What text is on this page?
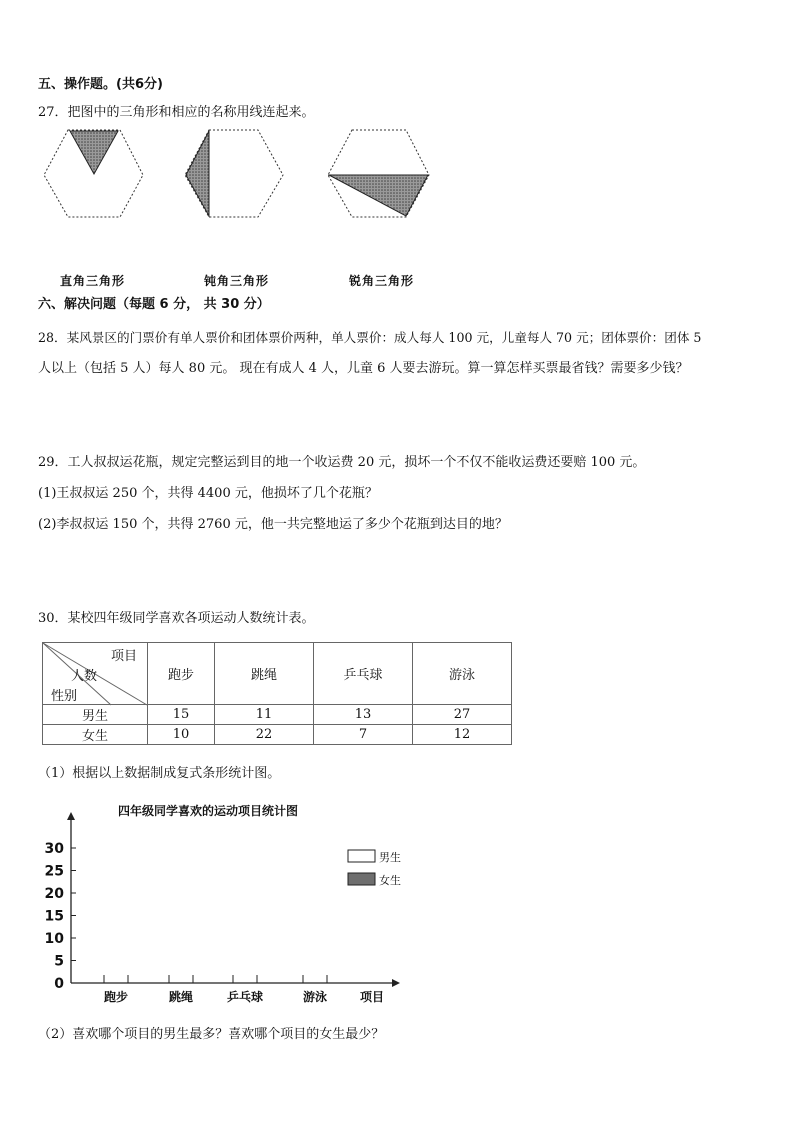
五、操作题。(共6分)
27．把图中的三角形和相应的名称用线连起来。
直角三角形	钝角三角形	锐角三角形
六、解决问题（每题 6 分， 共 30 分）
28．某风景区的门票价有单人票价和团体票价两种，单人票价：成人每人 100 元，儿童每人 70 元；团体票价：团体 5
人以上（包括 5 人）每人 80 元。 现在有成人 4 人，儿童 6 人要去游玩。算一算怎样买票最省钱？需要多少钱？
29．工人叔叔运花瓶，规定完整运到目的地一个收运费 20 元，损坏一个不仅不能收运费还要赔 100 元。
(1)王叔叔运 250 个，共得 4400 元，他损坏了几个花瓶？
(2)李叔叔运 150 个，共得 2760 元，他一共完整地运了多少个花瓶到达目的地？
30．某校四年级同学喜欢各项运动人数统计表。
项目
人数
性别	跑步	跳绳	乒乓球	游泳
男生	15	11	13	27
女生	10	22	7	12
（1）根据以上数据制成复式条形统计图。
四年级同学喜欢的运动项目统计图
0
5
10
15
20
25
30
跑步	跳绳	乒乓球	游泳	项目
男生
女生
（2）喜欢哪个项目的男生最多？喜欢哪个项目的女生最少？
